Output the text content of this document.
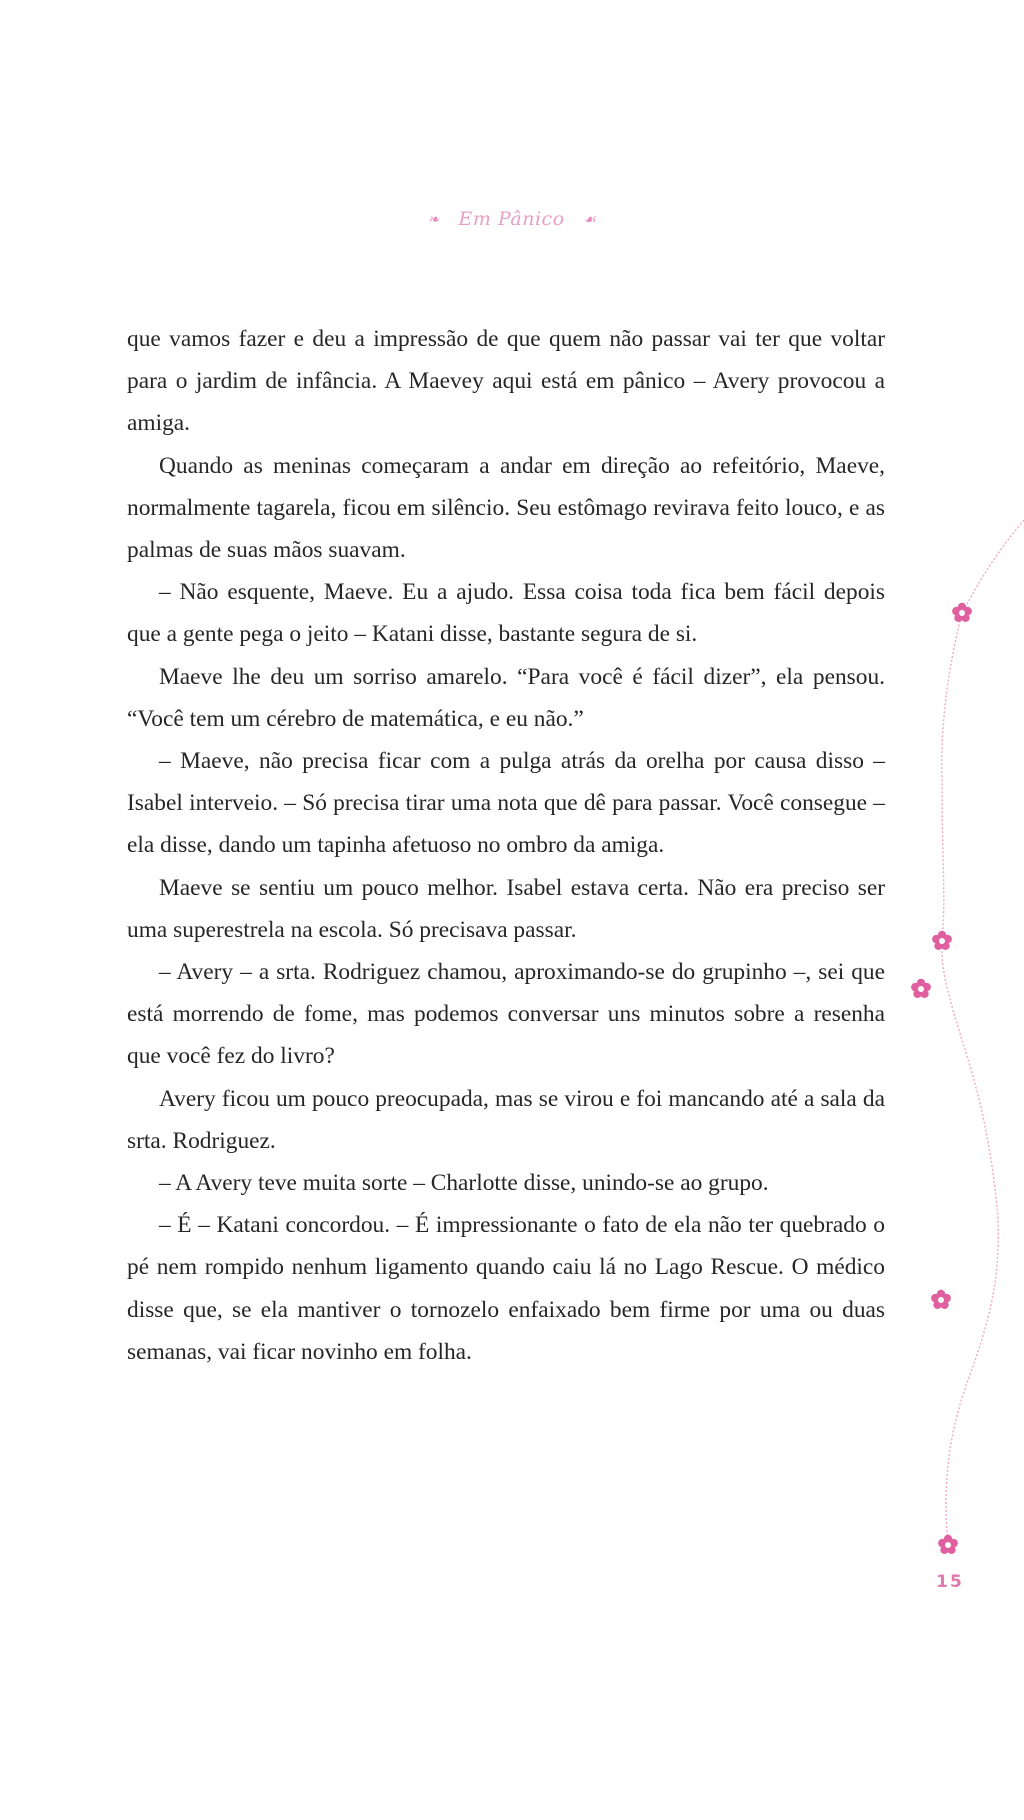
❧ Em Pânico ☙

que vamos fazer e deu a impressão de que quem não passar vai ter que voltar para o jardim de infância. A Maevey aqui está em pânico – Avery provocou a amiga.

Quando as meninas começaram a andar em direção ao refeitório, Maeve, normalmente tagarela, ficou em silêncio. Seu estômago revirava feito louco, e as palmas de suas mãos suavam.

– Não esquente, Maeve. Eu a ajudo. Essa coisa toda fica bem fácil depois que a gente pega o jeito – Katani disse, bastante segura de si.

Maeve lhe deu um sorriso amarelo. “Para você é fácil dizer”, ela pensou. “Você tem um cérebro de matemática, e eu não.”

– Maeve, não precisa ficar com a pulga atrás da orelha por causa disso – Isabel interveio. – Só precisa tirar uma nota que dê para passar. Você consegue – ela disse, dando um tapinha afetuoso no ombro da amiga.

Maeve se sentiu um pouco melhor. Isabel estava certa. Não era preciso ser uma superestrela na escola. Só precisava passar.

– Avery – a srta. Rodriguez chamou, aproximando-se do grupinho –, sei que está morrendo de fome, mas podemos conversar uns minutos sobre a resenha que você fez do livro?

Avery ficou um pouco preocupada, mas se virou e foi mancando até a sala da srta. Rodriguez.

– A Avery teve muita sorte – Charlotte disse, unindo-se ao grupo.

– É – Katani concordou. – É impressionante o fato de ela não ter quebrado o pé nem rompido nenhum ligamento quando caiu lá no Lago Rescue. O médico disse que, se ela mantiver o tornozelo enfaixado bem firme por uma ou duas semanas, vai ficar novinho em folha.

15
